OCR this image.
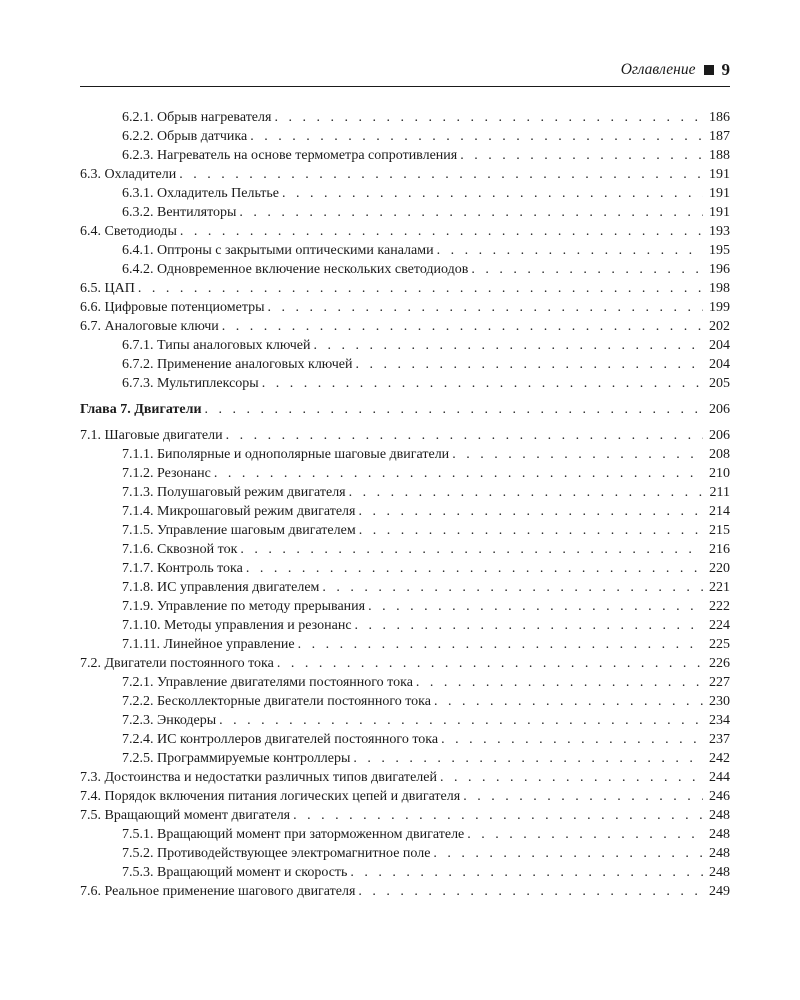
Оглавление 9
6.2.1. Обрыв нагревателя . . .	186
6.2.2. Обрыв датчика . . .	187
6.2.3. Нагреватель на основе термометра сопротивления . . .	188
6.3. Охладители . . .	191
6.3.1. Охладитель Пельтье . . .	191
6.3.2. Вентиляторы . . .	191
6.4. Светодиоды . . .	193
6.4.1. Оптроны с закрытыми оптическими каналами . . .	195
6.4.2. Одновременное включение нескольких светодиодов . . .	196
6.5. ЦАП . . .	198
6.6. Цифровые потенциометры . . .	199
6.7. Аналоговые ключи . . .	202
6.7.1. Типы аналоговых ключей . . .	204
6.7.2. Применение аналоговых ключей . . .	204
6.7.3. Мультиплексоры . . .	205
Глава 7. Двигатели . . .	206
7.1. Шаговые двигатели . . .	206
7.1.1. Биполярные и однополярные шаговые двигатели . . .	208
7.1.2. Резонанс . . .	210
7.1.3. Полушаговый режим двигателя . . .	211
7.1.4. Микрошаговый режим двигателя . . .	214
7.1.5. Управление шаговым двигателем . . .	215
7.1.6. Сквозной ток . . .	216
7.1.7. Контроль тока . . .	220
7.1.8. ИС управления двигателем . . .	221
7.1.9. Управление по методу прерывания . . .	222
7.1.10. Методы управления и резонанс . . .	224
7.1.11. Линейное управление . . .	225
7.2. Двигатели постоянного тока . . .	226
7.2.1. Управление двигателями постоянного тока . . .	227
7.2.2. Бесколлекторные двигатели постоянного тока . . .	230
7.2.3. Энкодеры . . .	234
7.2.4. ИС контроллеров двигателей постоянного тока . . .	237
7.2.5. Программируемые контроллеры . . .	242
7.3. Достоинства и недостатки различных типов двигателей . . .	244
7.4. Порядок включения питания логических цепей и двигателя . . .	246
7.5. Вращающий момент двигателя . . .	248
7.5.1. Вращающий момент при заторможенном двигателе . . .	248
7.5.2. Противодействующее электромагнитное поле . . .	248
7.5.3. Вращающий момент и скорость . . .	248
7.6. Реальное применение шагового двигателя . . .	249
